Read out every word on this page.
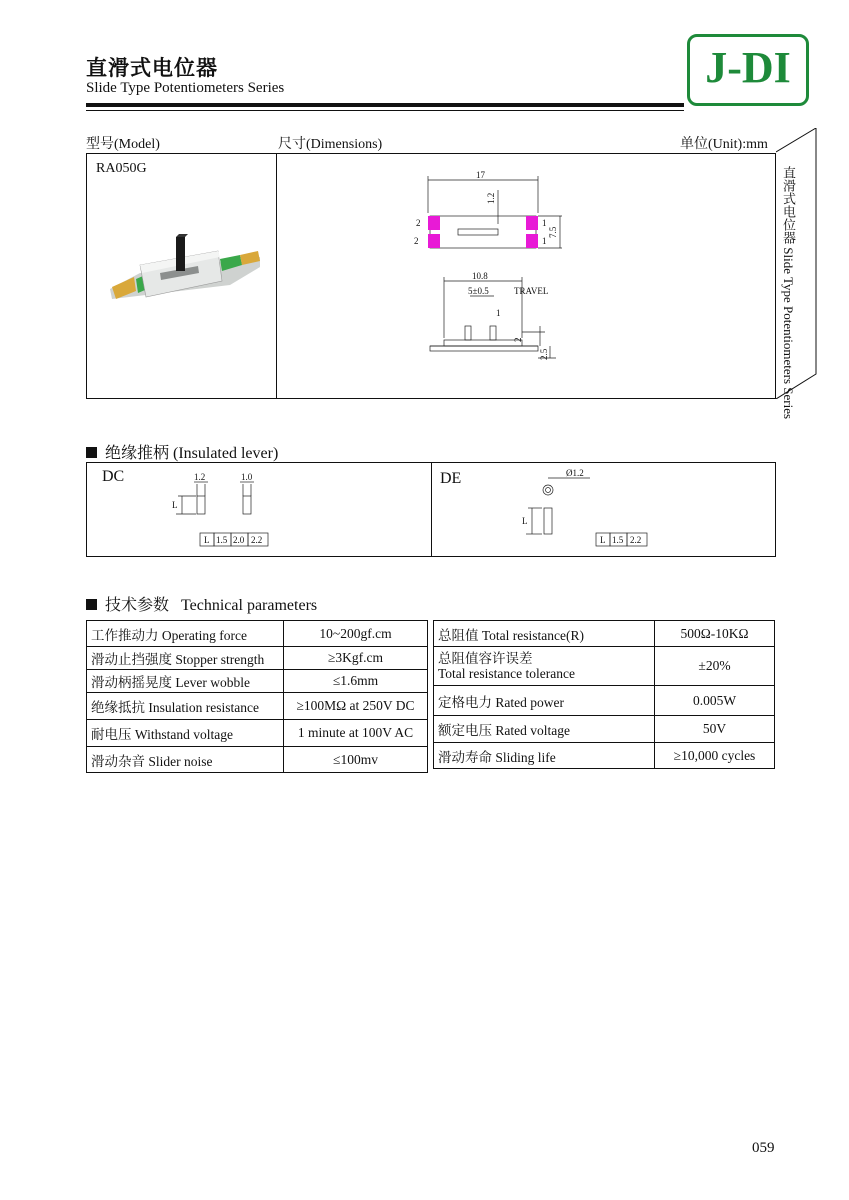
直滑式电位器
Slide Type Potentiometers Series	J-DI
型号(Model)	尺寸(Dimensions)	单位(Unit):mm
RA050G	17
1.2
2
2
1
1
7.5
10.8
5±0.5	TRAVEL
1
2
2.5	直滑式电位器 Slide Type Potentiometers Series
绝缘推柄 (Insulated lever)
DC	DE
1.2	1.0
L
L 1.5 2.0 2.2
Ø1.2
L
L 1.5 2.2
技术参数   Technical parameters
工作推动力 Operating force	10~200gf.cm
滑动止挡强度 Stopper strength	≥3Kgf.cm
滑动柄摇晃度 Lever wobble	≤1.6mm
绝缘抵抗 Insulation resistance	≥100MΩ at 250V DC
耐电压 Withstand voltage	1 minute at 100V AC
滑动杂音 Slider noise	≤100mv
总阻值 Total resistance(R)	500Ω-10KΩ

总阻值容许误差
Total resistance tolerance	±20%
定格电力 Rated power	0.005W
额定电压 Rated voltage	50V
滑动寿命 Sliding life	≥10,000 cycles
059
